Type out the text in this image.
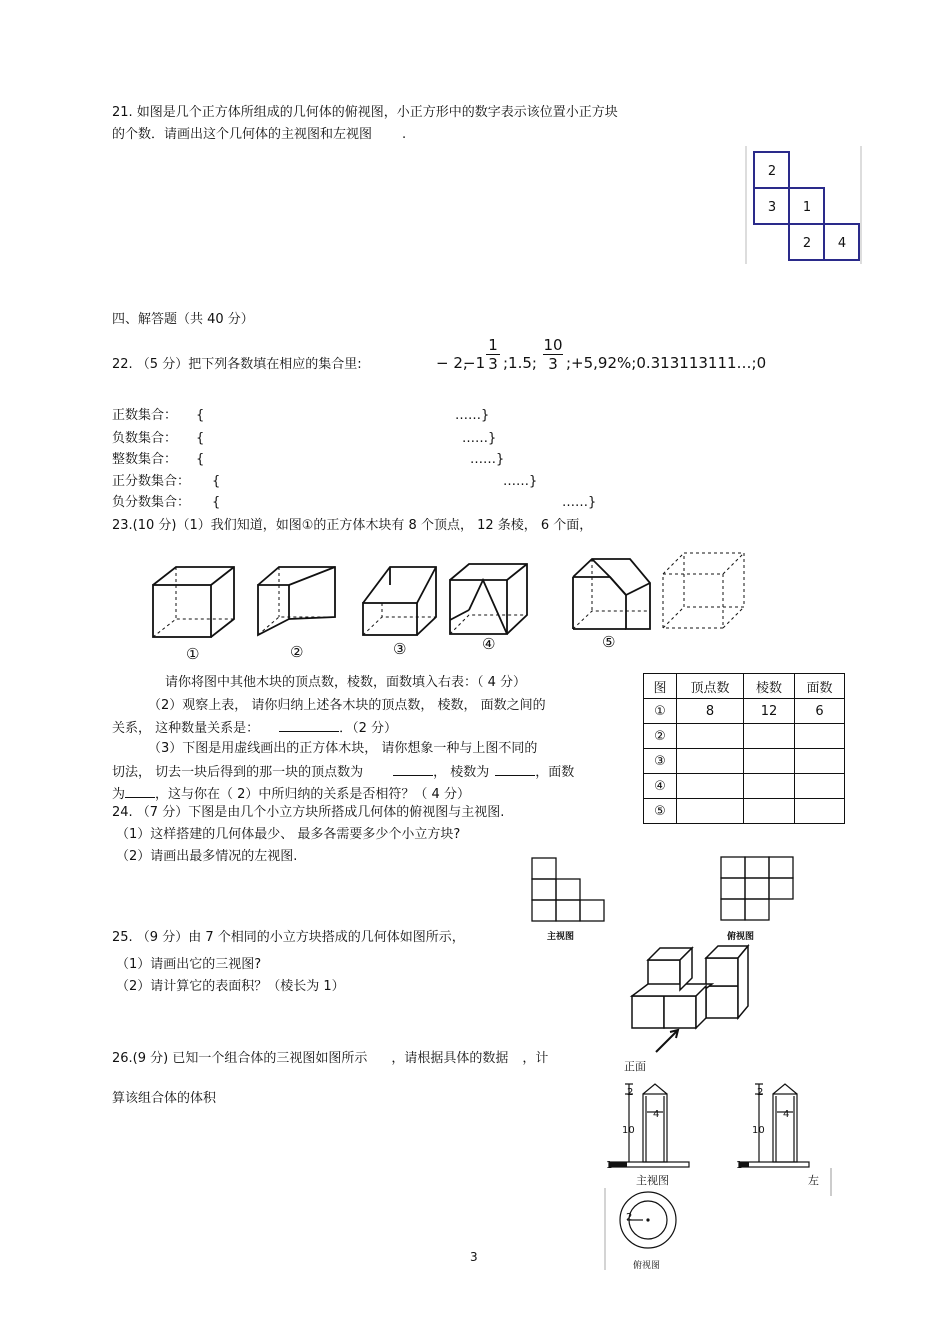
21. 如图是几个正方体所组成的几何体的俯视图，小正方形中的数字表示该位置小正方块
的个数．请画出这个几何体的主视图和左视图 .
2
3 1
2 4
四、解答题（共 40 分）
22. （5 分）把下列各数填在相应的集合里:	− 2,
$-1 \frac{1}{3}$ ;1.5; $\frac{10}{3}$ ;+5,92%;0.313113111…;0
正数集合： {	……}
负数集合： {	……}
整数集合： {	……}
正分数集合： {	……}
负分数集合： {	……}
23.(10 分)（1）我们知道，如图①的正方体木块有 8 个顶点， 12 条棱， 6 个面，
①	②	③	④	⑤
请你将图中其他木块的顶点数，棱数，面数填入右表：（ 4 分）
（2）观察上表， 请你归纳上述各木块的顶点数， 棱数， 面数之间的
关系， 这种数量关系是：	．（2 分）
（3）下图是用虚线画出的正方体木块， 请你想象一种与上图不同的
切法， 切去一块后得到的那一块的顶点数为	， 棱数为	，面数
为 ，这与你在（ 2）中所归纳的关系是否相符？（ 4 分）
图	顶点数	棱数	面数
①	8	12	6
②			
③			
④			
⑤			
24. （7 分）下图是由几个小立方块所搭成几何体的俯视图与主视图.
（1）这样搭建的几何体最少、 最多各需要多少个小立方块?
（2）请画出最多情况的左视图.
主视图	俯视图
25. （9 分）由 7 个相同的小立方块搭成的几何体如图所示，
（1）请画出它的三视图?
（2）请计算它的表面积？（棱长为 1）
26.(9 分) 已知一个组合体的三视图如图所示 ，请根据具体的数据 ，计
算该组合体的体积
正面
2
4
10
1
主视图
2
4
10
1
左
2
俯视图
3
